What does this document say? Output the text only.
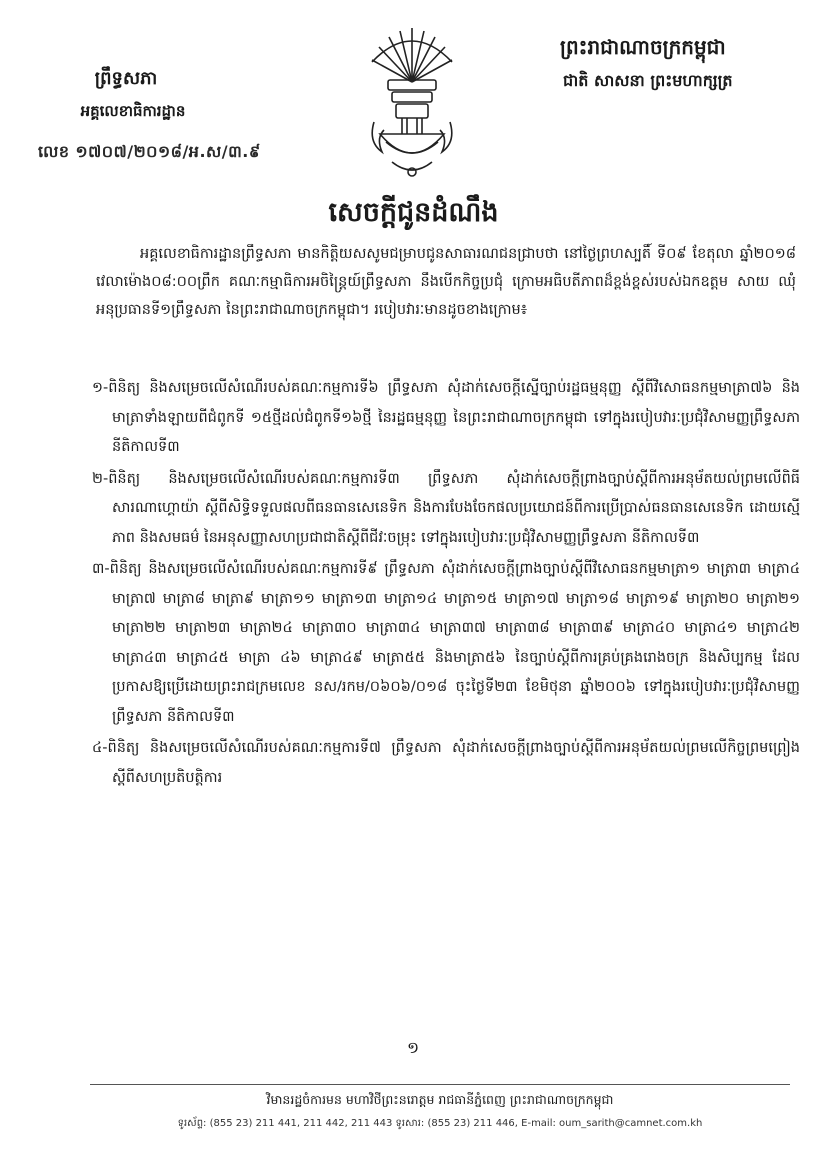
ព្រះរាជាណាចក្រកម្ពុជា
ជាតិ សាសនា ព្រះមហាក្សត្រ
ព្រឹទ្ធសភា
អគ្គលេខាធិការដ្ឋាន
លេខ ១៧០៧/២០១៨/អ.ស/៣.៩
សេចក្តីជូនដំណឹង

អគ្គលេខាធិការដ្ឋានព្រឹទ្ធសភា មានកិត្តិយសសូមជម្រាបជូនសាធារណជនជ្រាបថា នៅថ្ងៃព្រហស្បតិ៍ ទី០៩ ខែតុលា ឆ្នាំ២០១៨ វេលាម៉ោង០៨:០០ព្រឹក គណៈកម្មាធិការអចិន្ត្រៃយ៍ព្រឹទ្ធសភា នឹងបើកកិច្ចប្រជុំ ក្រោមអធិបតីភាពដ៏ខ្ពង់ខ្ពស់របស់ឯកឧត្តម សាយ ឈុំ អនុប្រធានទី១ព្រឹទ្ធសភា នៃព្រះរាជាណាចក្រកម្ពុជា។ របៀបវារៈមានដូចខាងក្រោម៖

១-ពិនិត្យ និងសម្រេចលើសំណើរបស់គណៈកម្មការទី៦ ព្រឹទ្ធសភា សុំដាក់សេចក្តីស្នើច្បាប់រដ្ឋធម្មនុញ្ញ ស្តីពីវិសោធនកម្មមាត្រា៧៦ និងមាត្រាទាំងឡាយពីជំពូកទី ១៥ថ្មីដល់ជំពូកទី១៦ថ្មី នៃរដ្ឋធម្មនុញ្ញ នៃព្រះរាជាណាចក្រកម្ពុជា ទៅក្នុងរបៀបវារៈប្រជុំវិសាមញ្ញព្រឹទ្ធសភា នីតិកាលទី៣
២-ពិនិត្យ និងសម្រេចលើសំណើរបស់គណៈកម្មការទី៣ ព្រឹទ្ធសភា សុំដាក់សេចក្តីព្រាងច្បាប់ស្តីពីការអនុម័តយល់ព្រមលើពិធីសារណាហ្គោយ៉ា ស្តីពីសិទ្ធិទទួលផលពីធនធានសេនេទិក និងការបែងចែកផលប្រយោជន៍ពីការប្រើប្រាស់ធនធានសេនេទិក ដោយស្មើភាព និងសមធម៌ នៃអនុសញ្ញាសហប្រជាជាតិស្តីពីជីវៈចម្រុះ ទៅក្នុងរបៀបវារៈប្រជុំវិសាមញ្ញព្រឹទ្ធសភា នីតិកាលទី៣
៣-ពិនិត្យ និងសម្រេចលើសំណើរបស់គណៈកម្មការទី៩ ព្រឹទ្ធសភា សុំដាក់សេចក្តីព្រាងច្បាប់ស្តីពីវិសោធនកម្មមាត្រា១ មាត្រា៣ មាត្រា៤ មាត្រា៧ មាត្រា៨ មាត្រា៩ មាត្រា១១ មាត្រា១៣ មាត្រា១៤ មាត្រា១៥ មាត្រា១៧ មាត្រា១៨ មាត្រា១៩ មាត្រា២០ មាត្រា២១ មាត្រា២២ មាត្រា២៣ មាត្រា២៤ មាត្រា៣០ មាត្រា៣៤ មាត្រា៣៧ មាត្រា៣៨ មាត្រា៣៩ មាត្រា៤០ មាត្រា៤១ មាត្រា៤២ មាត្រា៤៣ មាត្រា៤៥ មាត្រា ៤៦ មាត្រា៤៩ មាត្រា៥៥ និងមាត្រា៥៦ នៃច្បាប់ស្តីពីការគ្រប់គ្រងរោងចក្រ និងសិប្បកម្ម ដែលប្រកាសឱ្យប្រើដោយព្រះរាជក្រមលេខ នស/រកម/០៦០៦/០១៨ ចុះថ្ងៃទី២៣ ខែមិថុនា ឆ្នាំ២០០៦ ទៅក្នុងរបៀបវារៈប្រជុំវិសាមញ្ញព្រឹទ្ធសភា នីតិកាលទី៣
៤-ពិនិត្យ និងសម្រេចលើសំណើរបស់គណៈកម្មការទី៧ ព្រឹទ្ធសភា សុំដាក់សេចក្តីព្រាងច្បាប់ស្តីពីការអនុម័តយល់ព្រមលើកិច្ចព្រមព្រៀង ស្តីពីសហប្រតិបត្តិការ
១
វិមានរដ្ឋចំការមន មហាវិថីព្រះនរោត្តម រាជធានីភ្នំពេញ ព្រះរាជាណាចក្រកម្ពុជា
ទូរស័ព្ទ: (855 23) 211 441, 211 442, 211 443 ទូរសារ: (855 23) 211 446, E-mail: oum_sarith@camnet.com.kh
